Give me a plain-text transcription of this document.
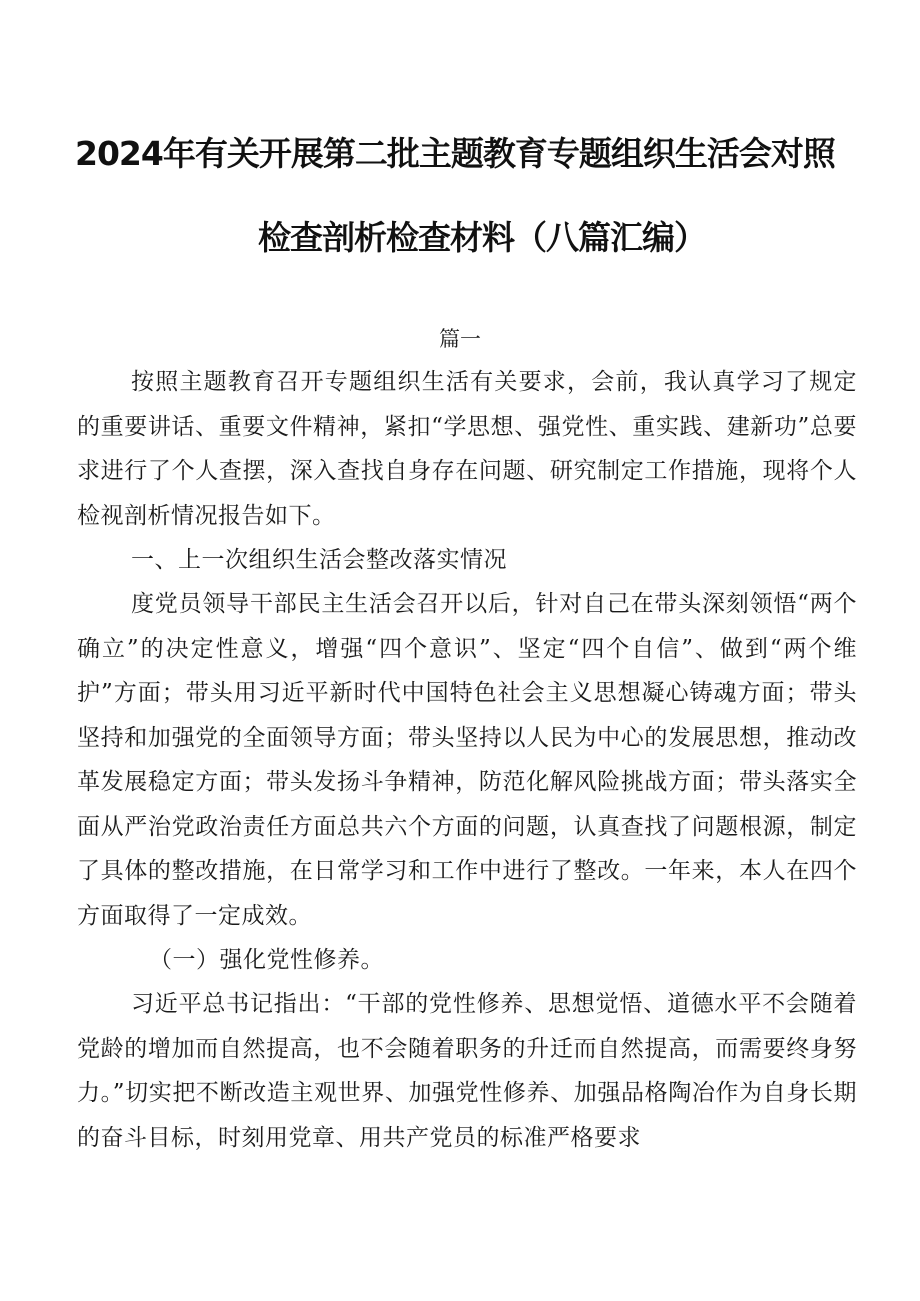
2024年有关开展第二批主题教育专题组织生活会对照
检查剖析检查材料（八篇汇编）
篇一

按照主题教育召开专题组织生活有关要求，会前，我认真学习了规定的重要讲话、重要文件精神，紧扣“学思想、强党性、重实践、建新功”总要求进行了个人查摆，深入查找自身存在问题、研究制定工作措施，现将个人检视剖析情况报告如下。

一、上一次组织生活会整改落实情况

度党员领导干部民主生活会召开以后，针对自己在带头深刻领悟“两个确立”的决定性意义，增强“四个意识”、坚定“四个自信”、做到“两个维护”方面；带头用习近平新时代中国特色社会主义思想凝心铸魂方面；带头坚持和加强党的全面领导方面；带头坚持以人民为中心的发展思想，推动改革发展稳定方面；带头发扬斗争精神，防范化解风险挑战方面；带头落实全面从严治党政治责任方面总共六个方面的问题，认真查找了问题根源，制定了具体的整改措施，在日常学习和工作中进行了整改。一年来，本人在四个方面取得了一定成效。

（一）强化党性修养。

习近平总书记指出：“干部的党性修养、思想觉悟、道德水平不会随着党龄的增加而自然提高，也不会随着职务的升迁而自然提高，而需要终身努力。”切实把不断改造主观世界、加强党性修养、加强品格陶冶作为自身长期的奋斗目标，时刻用党章、用共产党员的标准严格要求
